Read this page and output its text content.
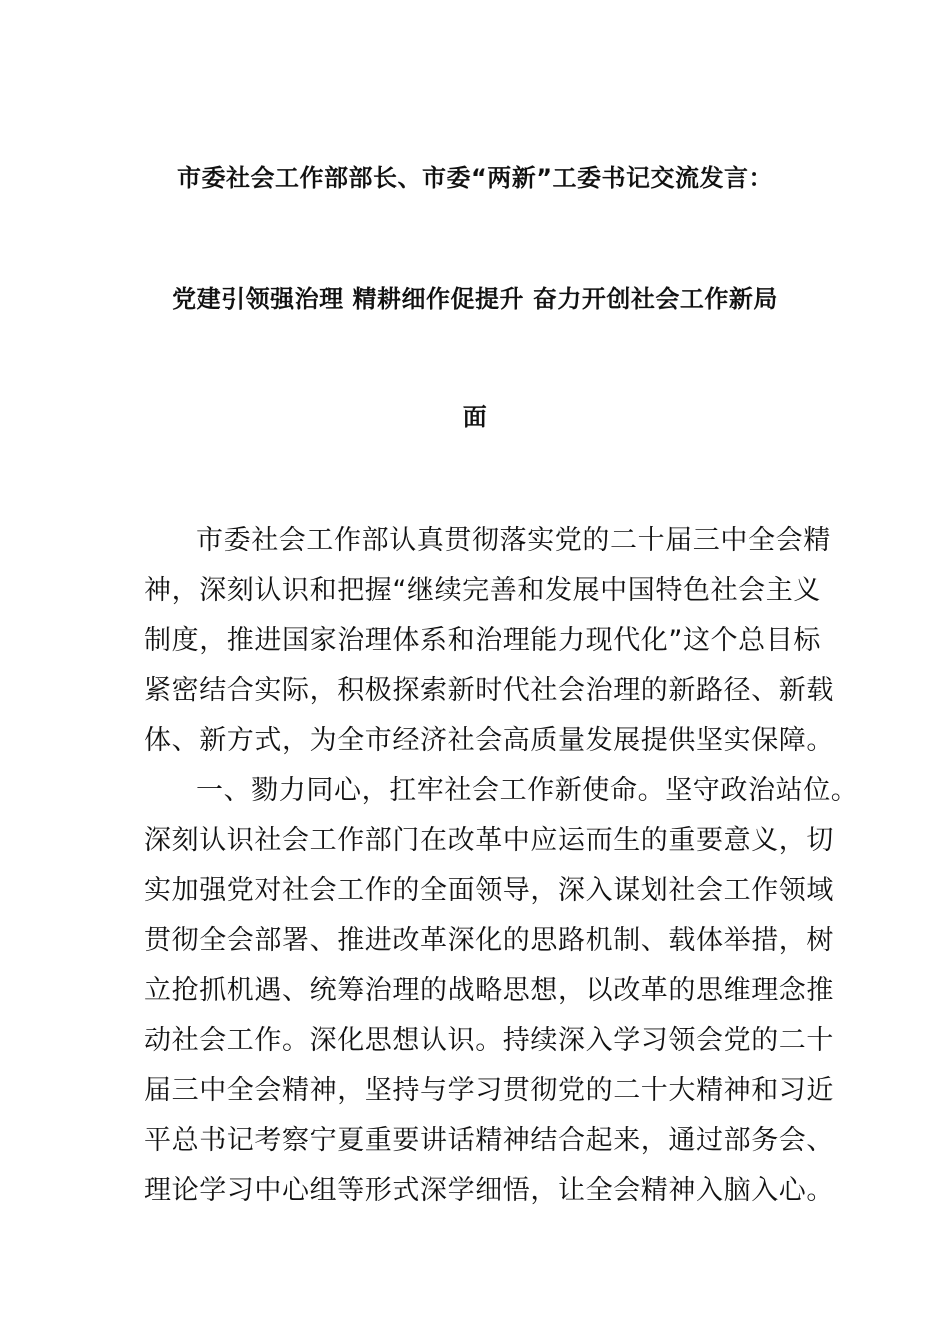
市委社会工作部部长、市委“两新”工委书记交流发言：
党建引领强治理 精耕细作促提升 奋力开创社会工作新局
面
市委社会工作部认真贯彻落实党的二十届三中全会精
神，深刻认识和把握“继续完善和发展中国特色社会主义
制度，推进国家治理体系和治理能力现代化”这个总目标
紧密结合实际，积极探索新时代社会治理的新路径、新载
体、新方式，为全市经济社会高质量发展提供坚实保障。
一、勠力同心，扛牢社会工作新使命。坚守政治站位。
深刻认识社会工作部门在改革中应运而生的重要意义，切
实加强党对社会工作的全面领导，深入谋划社会工作领域
贯彻全会部署、推进改革深化的思路机制、载体举措，树
立抢抓机遇、统筹治理的战略思想，以改革的思维理念推
动社会工作。深化思想认识。持续深入学习领会党的二十
届三中全会精神，坚持与学习贯彻党的二十大精神和习近
平总书记考察宁夏重要讲话精神结合起来，通过部务会、
理论学习中心组等形式深学细悟，让全会精神入脑入心。
